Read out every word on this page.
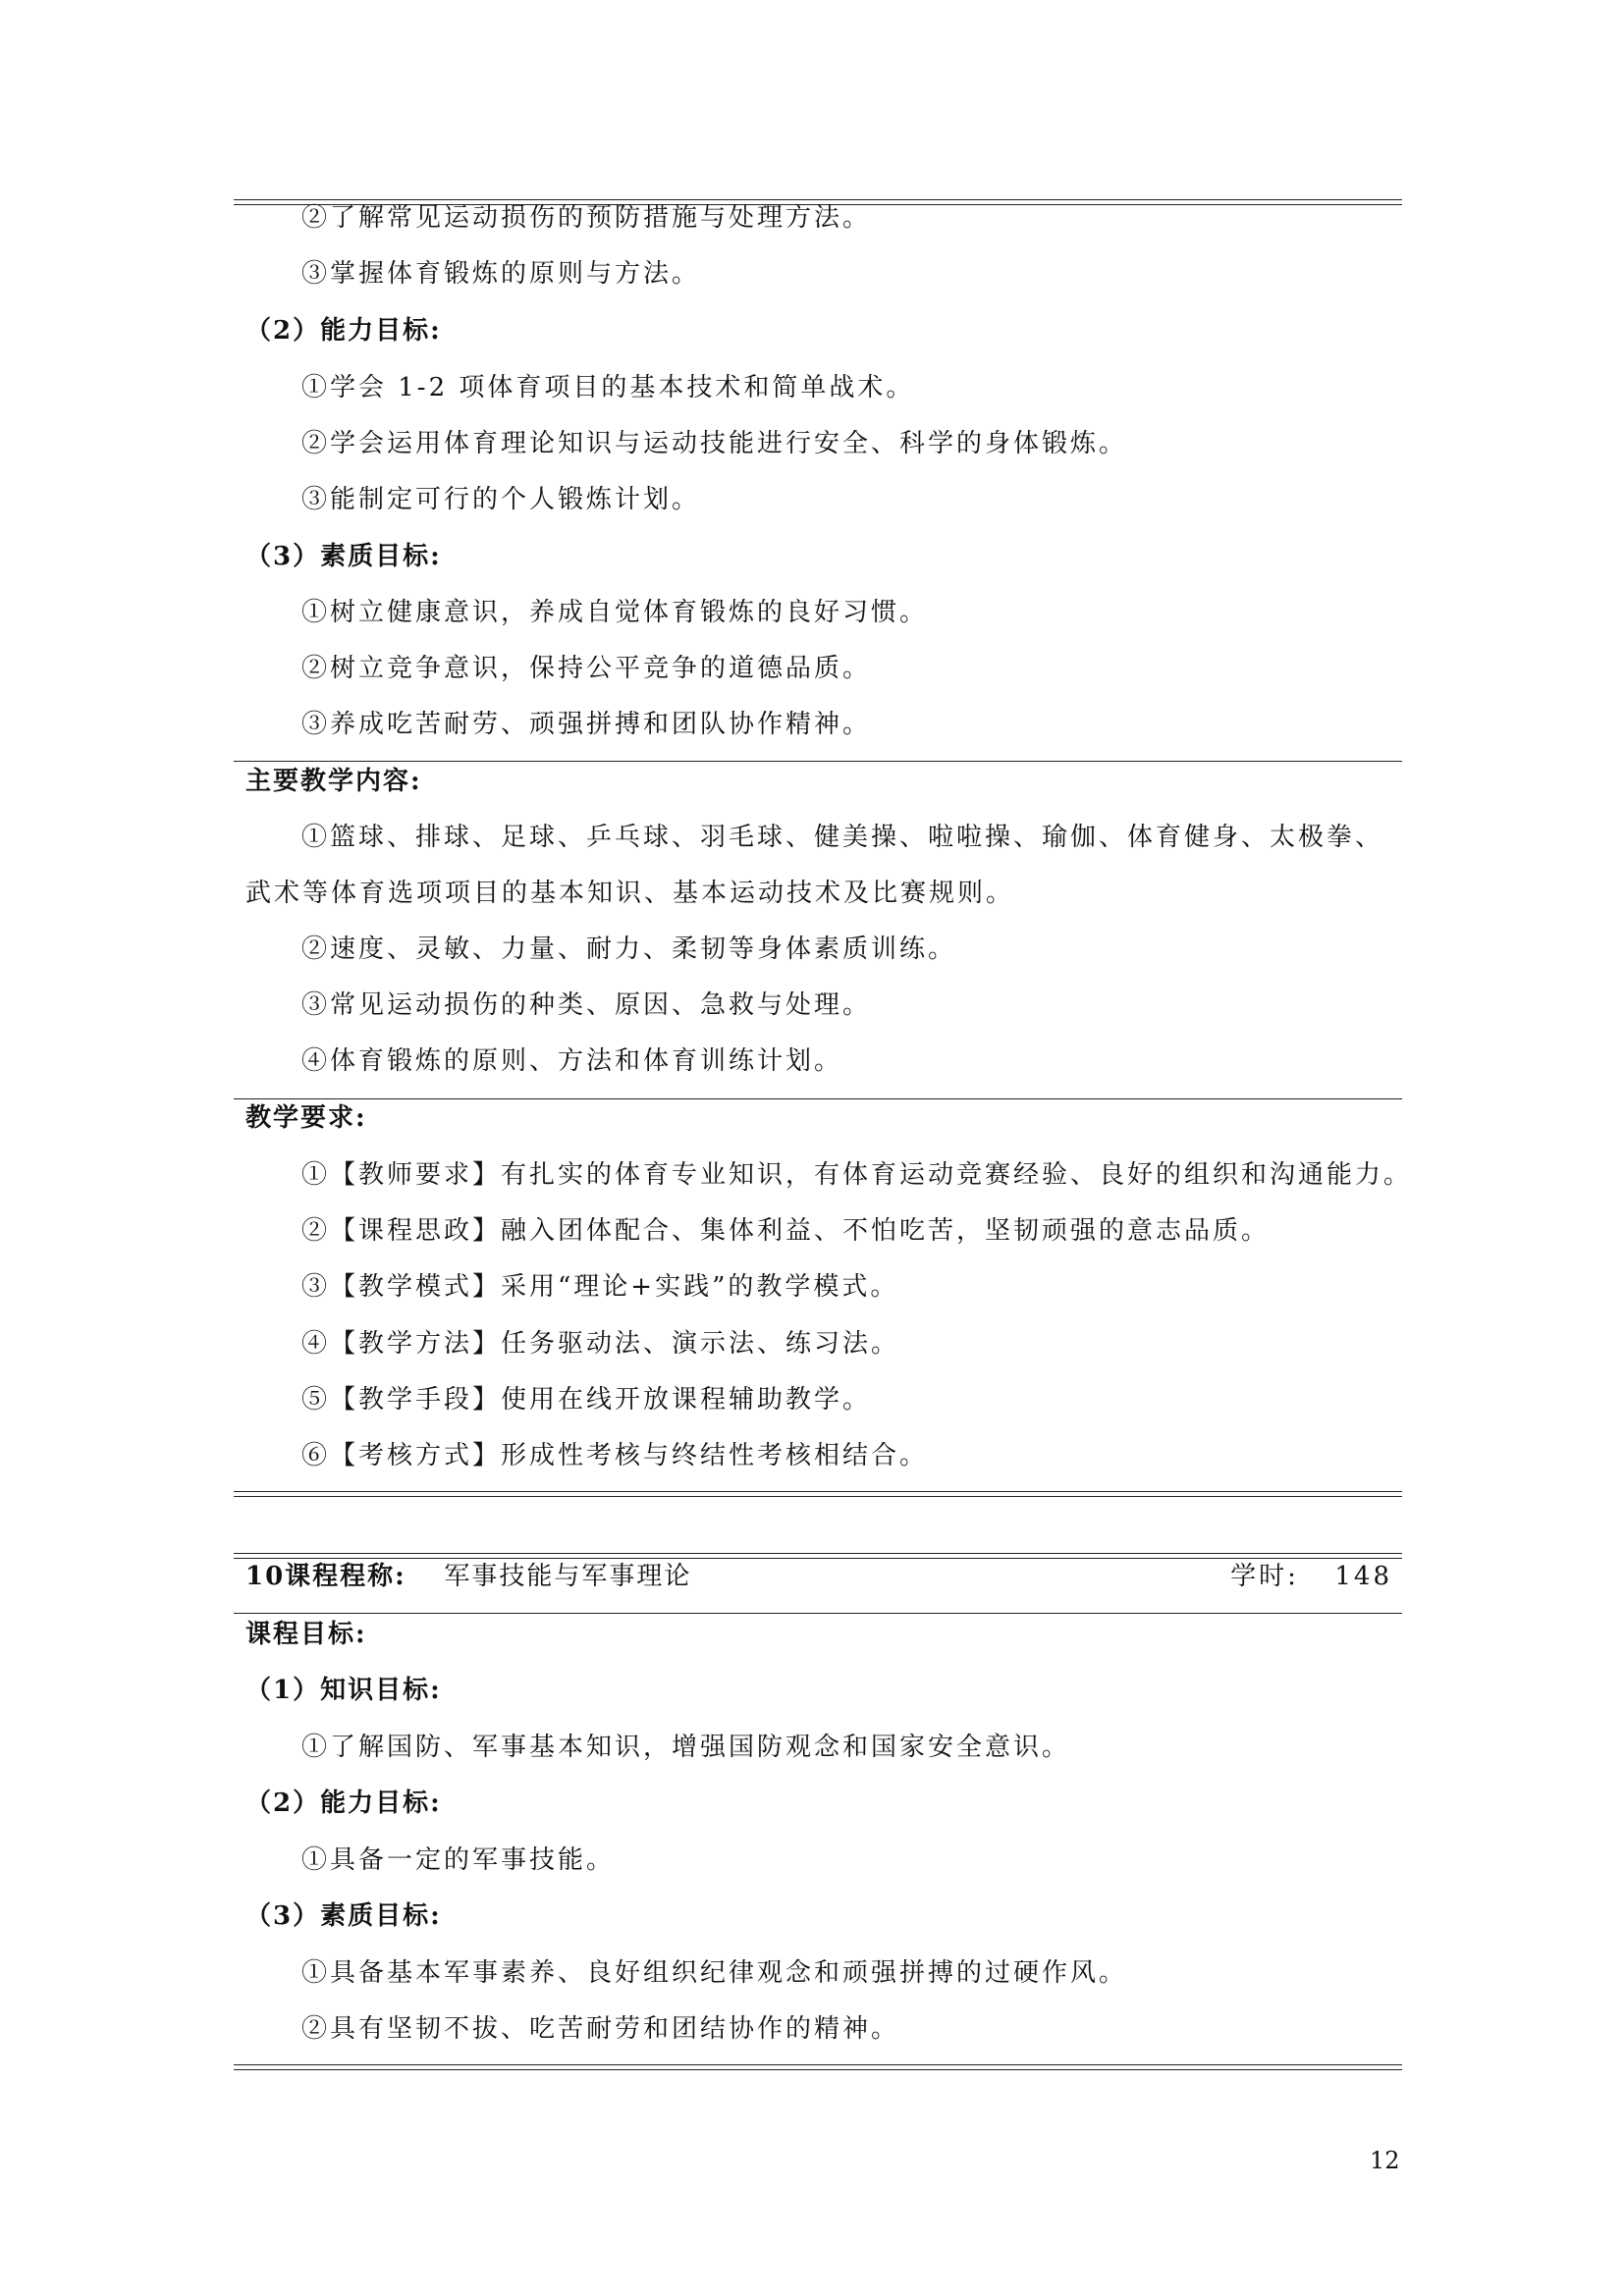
②了解常见运动损伤的预防措施与处理方法。
③掌握体育锻炼的原则与方法。
（2）能力目标:
①学会 1-2 项体育项目的基本技术和简单战术。
②学会运用体育理论知识与运动技能进行安全、科学的身体锻炼。
③能制定可行的个人锻炼计划。
（3）素质目标:
①树立健康意识，养成自觉体育锻炼的良好习惯。
②树立竞争意识，保持公平竞争的道德品质。
③养成吃苦耐劳、顽强拼搏和团队协作精神。
主要教学内容:
①篮球、排球、足球、乒乓球、羽毛球、健美操、啦啦操、瑜伽、体育健身、太极拳、
武术等体育选项项目的基本知识、基本运动技术及比赛规则。
②速度、灵敏、力量、耐力、柔韧等身体素质训练。
③常见运动损伤的种类、原因、急救与处理。
④体育锻炼的原则、方法和体育训练计划。
教学要求:
①【教师要求】有扎实的体育专业知识，有体育运动竞赛经验、良好的组织和沟通能力。
②【课程思政】融入团体配合、集体利益、不怕吃苦，坚韧顽强的意志品质。
③【教学模式】采用“理论+实践”的教学模式。
④【教学方法】任务驱动法、演示法、练习法。
⑤【教学手段】使用在线开放课程辅助教学。
⑥【考核方式】形成性考核与终结性考核相结合。
10课程程称: 军事技能与军事理论	学时: 148
课程目标:
（1）知识目标:
①了解国防、军事基本知识，增强国防观念和国家安全意识。
（2）能力目标:
①具备一定的军事技能。
（3）素质目标:
①具备基本军事素养、良好组织纪律观念和顽强拼搏的过硬作风。
②具有坚韧不拔、吃苦耐劳和团结协作的精神。
12
